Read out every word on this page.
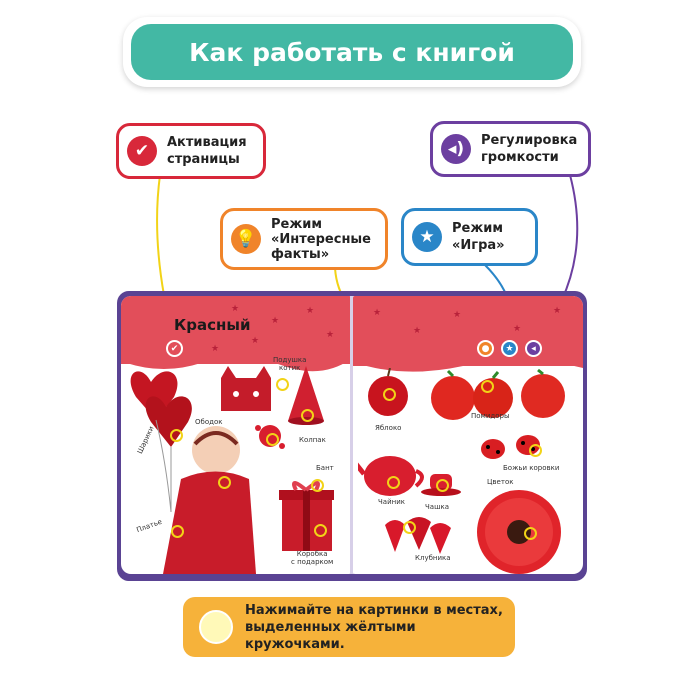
Как работать с книгой
✔	Активация
страницы
◂)	Регулировка
громкости
💡
Режим
«Интересные
факты»
★	Режим
«Игра»
★
★
★
★
★
★
Красный
✔
Шарики
Подушка
котик
Колпак
Ободок
Платье
Бант
Коробка
с подарком
★
★
★
★
★
●	★	◂
Яблоко
Помидоры
Божьи коровки
Чайник
Чашка
Цветок
Клубника
Нажимайте на картинки в местах,
выделенных жёлтыми кружочками.
